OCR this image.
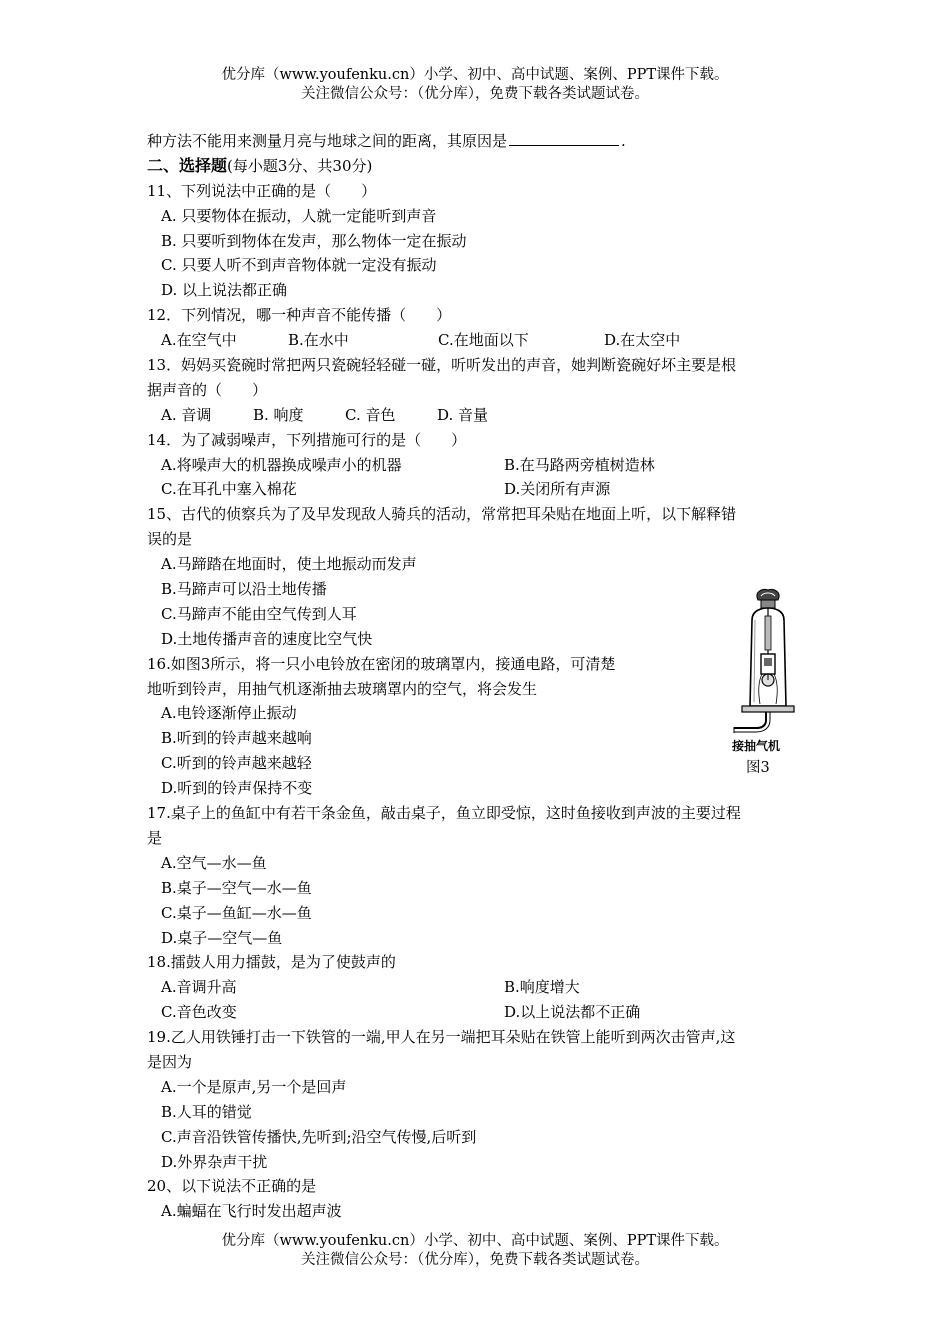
优分库（www.youfenku.cn）小学、初中、高中试题、案例、PPT课件下载。
关注微信公众号：（优分库），免费下载各类试题试卷。
种方法不能用来测量月亮与地球之间的距离，其原因是	.
二、选择题(每小题3分、共30分)
11、下列说法中正确的是（　　）
A. 只要物体在振动，人就一定能听到声音
B. 只要听到物体在发声，那么物体一定在振动
C. 只要人听不到声音物体就一定没有振动
D. 以上说法都正确
12．下列情况，哪一种声音不能传播（　　）
A.在空气中	B.在水中	C.在地面以下	D.在太空中
13．妈妈买瓷碗时常把两只瓷碗轻轻碰一碰，听听发出的声音，她判断瓷碗好坏主要是根
据声音的（　　）
A. 音调	B. 响度	C. 音色	D. 音量
14．为了减弱噪声，下列措施可行的是（　　）
A.将噪声大的机器换成噪声小的机器	B.在马路两旁植树造林
C.在耳孔中塞入棉花	D.关闭所有声源
15、古代的侦察兵为了及早发现敌人骑兵的活动，常常把耳朵贴在地面上听，以下解释错
误的是
A.马蹄踏在地面时，使土地振动而发声
B.马蹄声可以沿土地传播
C.马蹄声不能由空气传到人耳
D.土地传播声音的速度比空气快
16.如图3所示，将一只小电铃放在密闭的玻璃罩内，接通电路，可清楚
地听到铃声，用抽气机逐渐抽去玻璃罩内的空气，将会发生
A.电铃逐渐停止振动
B.听到的铃声越来越响
C.听到的铃声越来越轻
D.听到的铃声保持不变
17.桌子上的鱼缸中有若干条金鱼，敲击桌子，鱼立即受惊，这时鱼接收到声波的主要过程
是
A.空气—水—鱼
B.桌子—空气—水—鱼
C.桌子—鱼缸—水—鱼
D.桌子—空气—鱼
18.擂鼓人用力擂鼓，是为了使鼓声的
A.音调升高	B.响度增大
C.音色改变	D.以上说法都不正确
19.乙人用铁锤打击一下铁管的一端,甲人在另一端把耳朵贴在铁管上能听到两次击管声,这
是因为
A.一个是原声,另一个是回声
B.人耳的错觉
C.声音沿铁管传播快,先听到;沿空气传慢,后听到
D.外界杂声干扰
20、以下说法不正确的是
A.蝙蝠在飞行时发出超声波
接抽气机
图3
优分库（www.youfenku.cn）小学、初中、高中试题、案例、PPT课件下载。
关注微信公众号：（优分库），免费下载各类试题试卷。
